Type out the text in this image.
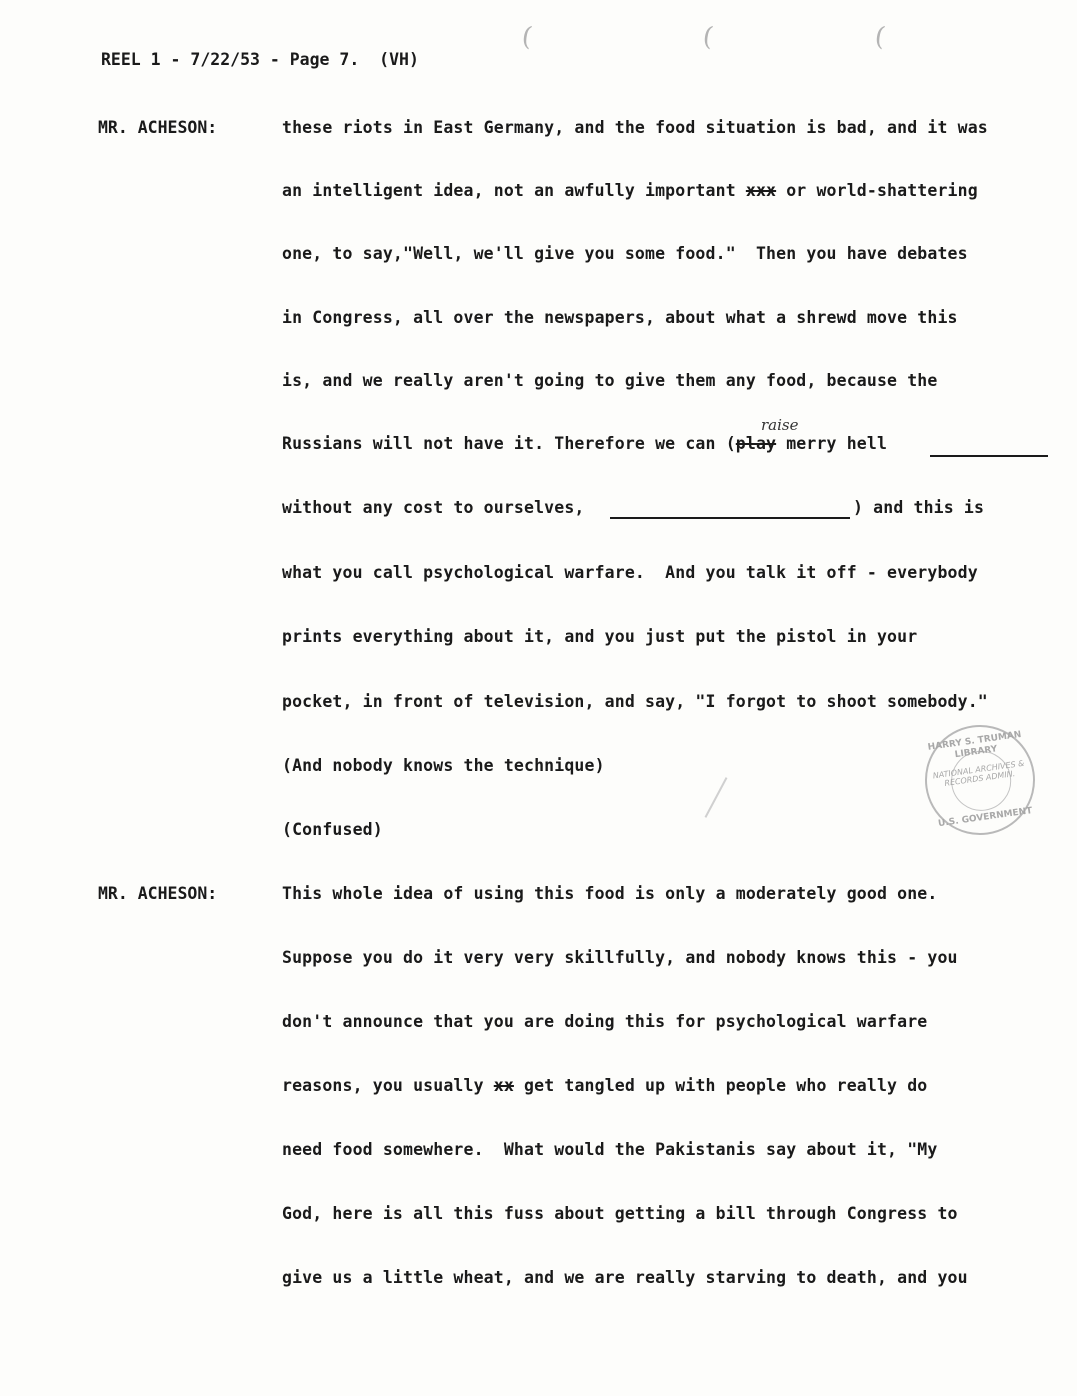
(	(	(
REEL 1 - 7/22/53 - Page 7.  (VH)
MR. ACHESON:	these riots in East Germany, and the food situation is bad, and it was
an intelligent idea, not an awfully important xxx or world-shattering
one, to say,"Well, we'll give you some food."  Then you have debates
in Congress, all over the newspapers, about what a shrewd move this
is, and we really aren't going to give them any food, because the
raise
Russians will not have it. Therefore we can (play merry hell
without any cost to ourselves,	) and this is
what you call psychological warfare.  And you talk it off - everybody
prints everything about it, and you just put the pistol in your
pocket, in front of television, and say, "I forgot to shoot somebody."
(And nobody knows the technique)
HARRY S. TRUMAN LIBRARY
NATIONAL ARCHIVES & RECORDS ADMIN.
U.S. GOVERNMENT
(Confused)
MR. ACHESON:	This whole idea of using this food is only a moderately good one.
Suppose you do it very very skillfully, and nobody knows this - you
don't announce that you are doing this for psychological warfare
reasons, you usually xx get tangled up with people who really do
need food somewhere.  What would the Pakistanis say about it, "My
God, here is all this fuss about getting a bill through Congress to
give us a little wheat, and we are really starving to death, and you
